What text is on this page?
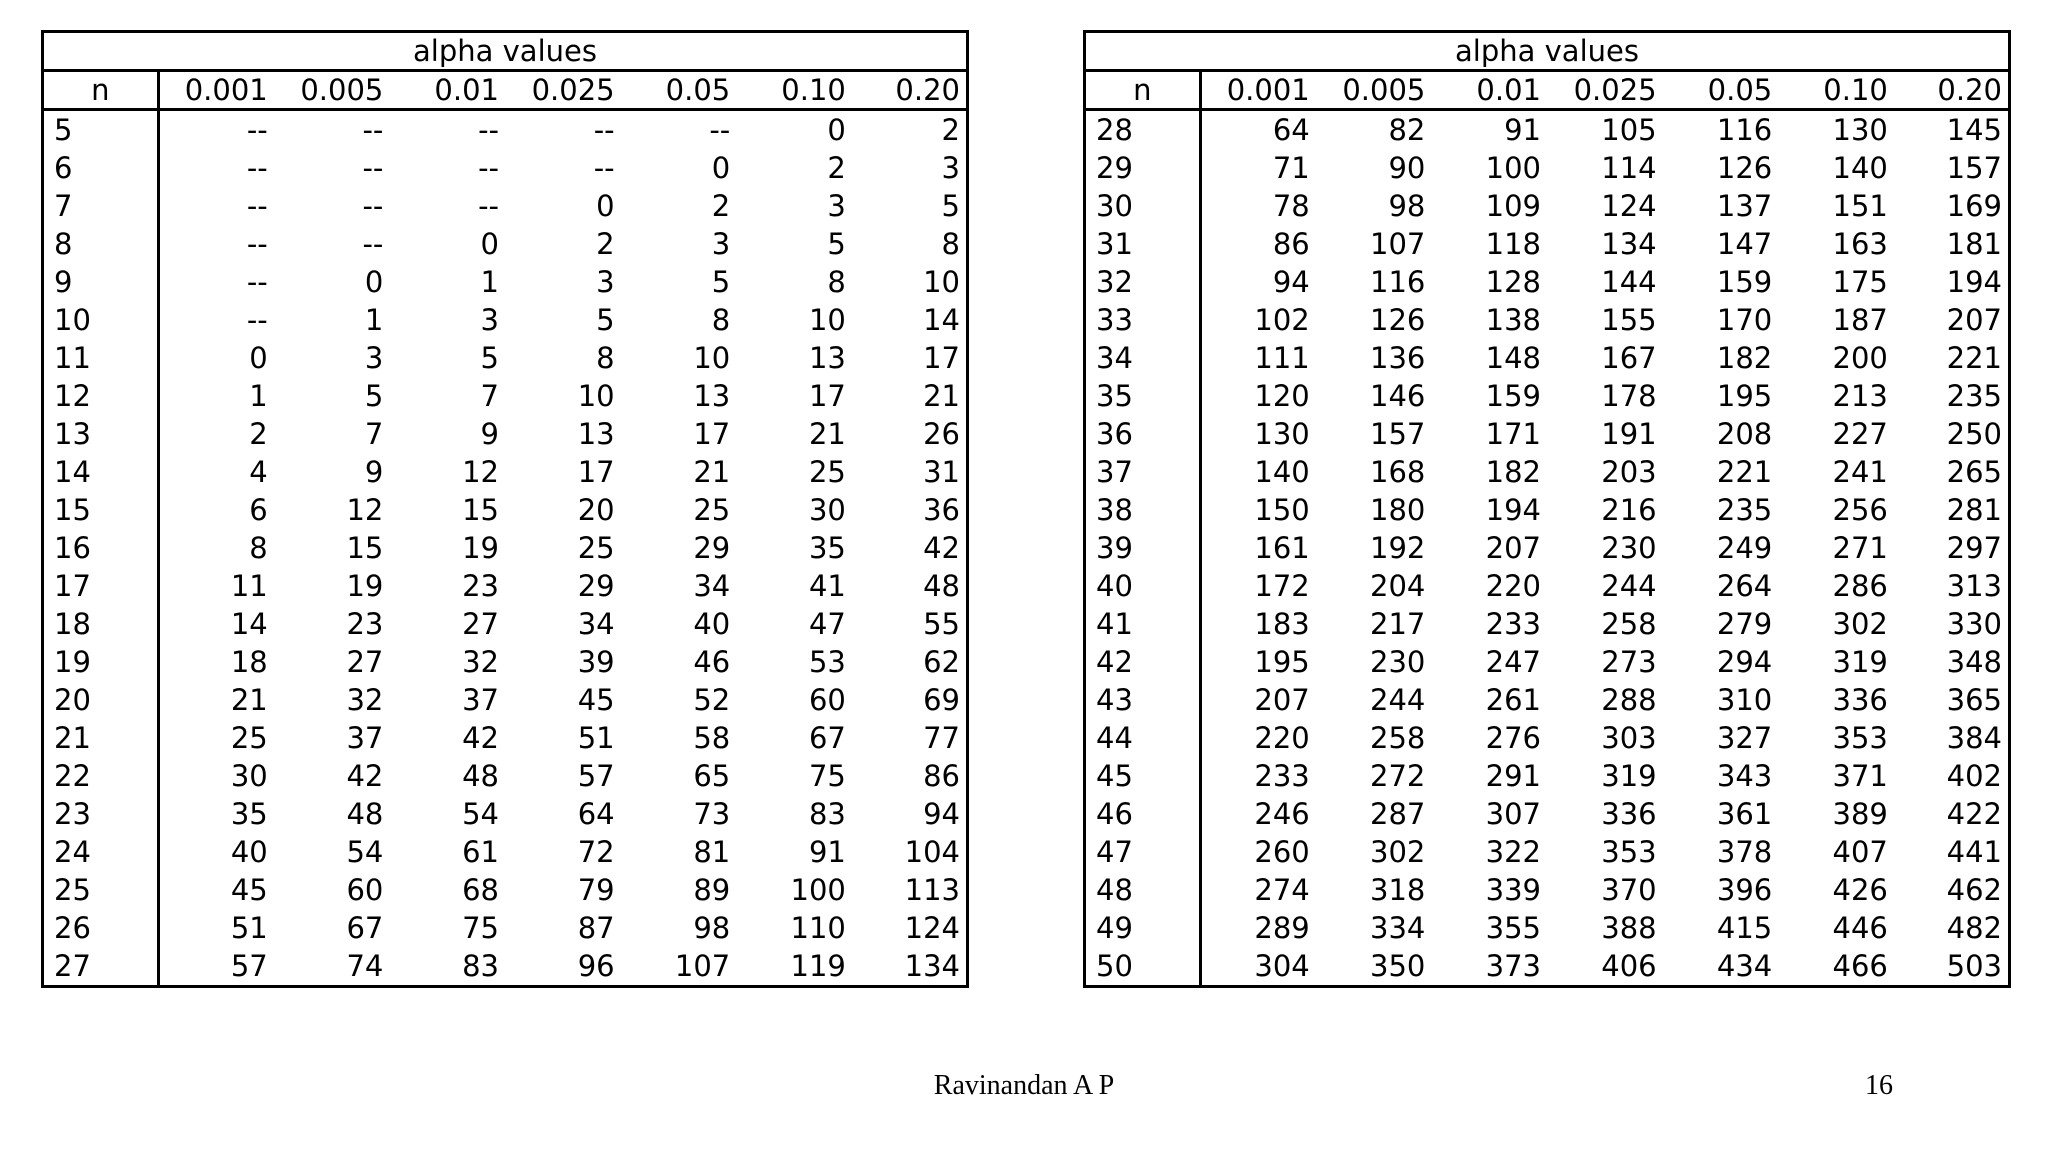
alpha values							
n	0.001	0.005	0.01	0.025	0.05	0.10	0.20
5	--	--	--	--	--	0	2
6	--	--	--	--	0	2	3
7	--	--	--	0	2	3	5
8	--	--	0	2	3	5	8
9	--	0	1	3	5	8	10
10	--	1	3	5	8	10	14
11	0	3	5	8	10	13	17
12	1	5	7	10	13	17	21
13	2	7	9	13	17	21	26
14	4	9	12	17	21	25	31
15	6	12	15	20	25	30	36
16	8	15	19	25	29	35	42
17	11	19	23	29	34	41	48
18	14	23	27	34	40	47	55
19	18	27	32	39	46	53	62
20	21	32	37	45	52	60	69
21	25	37	42	51	58	67	77
22	30	42	48	57	65	75	86
23	35	48	54	64	73	83	94
24	40	54	61	72	81	91	104
25	45	60	68	79	89	100	113
26	51	67	75	87	98	110	124
27	57	74	83	96	107	119	134
alpha values							
n	0.001	0.005	0.01	0.025	0.05	0.10	0.20
28	64	82	91	105	116	130	145
29	71	90	100	114	126	140	157
30	78	98	109	124	137	151	169
31	86	107	118	134	147	163	181
32	94	116	128	144	159	175	194
33	102	126	138	155	170	187	207
34	111	136	148	167	182	200	221
35	120	146	159	178	195	213	235
36	130	157	171	191	208	227	250
37	140	168	182	203	221	241	265
38	150	180	194	216	235	256	281
39	161	192	207	230	249	271	297
40	172	204	220	244	264	286	313
41	183	217	233	258	279	302	330
42	195	230	247	273	294	319	348
43	207	244	261	288	310	336	365
44	220	258	276	303	327	353	384
45	233	272	291	319	343	371	402
46	246	287	307	336	361	389	422
47	260	302	322	353	378	407	441
48	274	318	339	370	396	426	462
49	289	334	355	388	415	446	482
50	304	350	373	406	434	466	503
Ravinandan A P	16
